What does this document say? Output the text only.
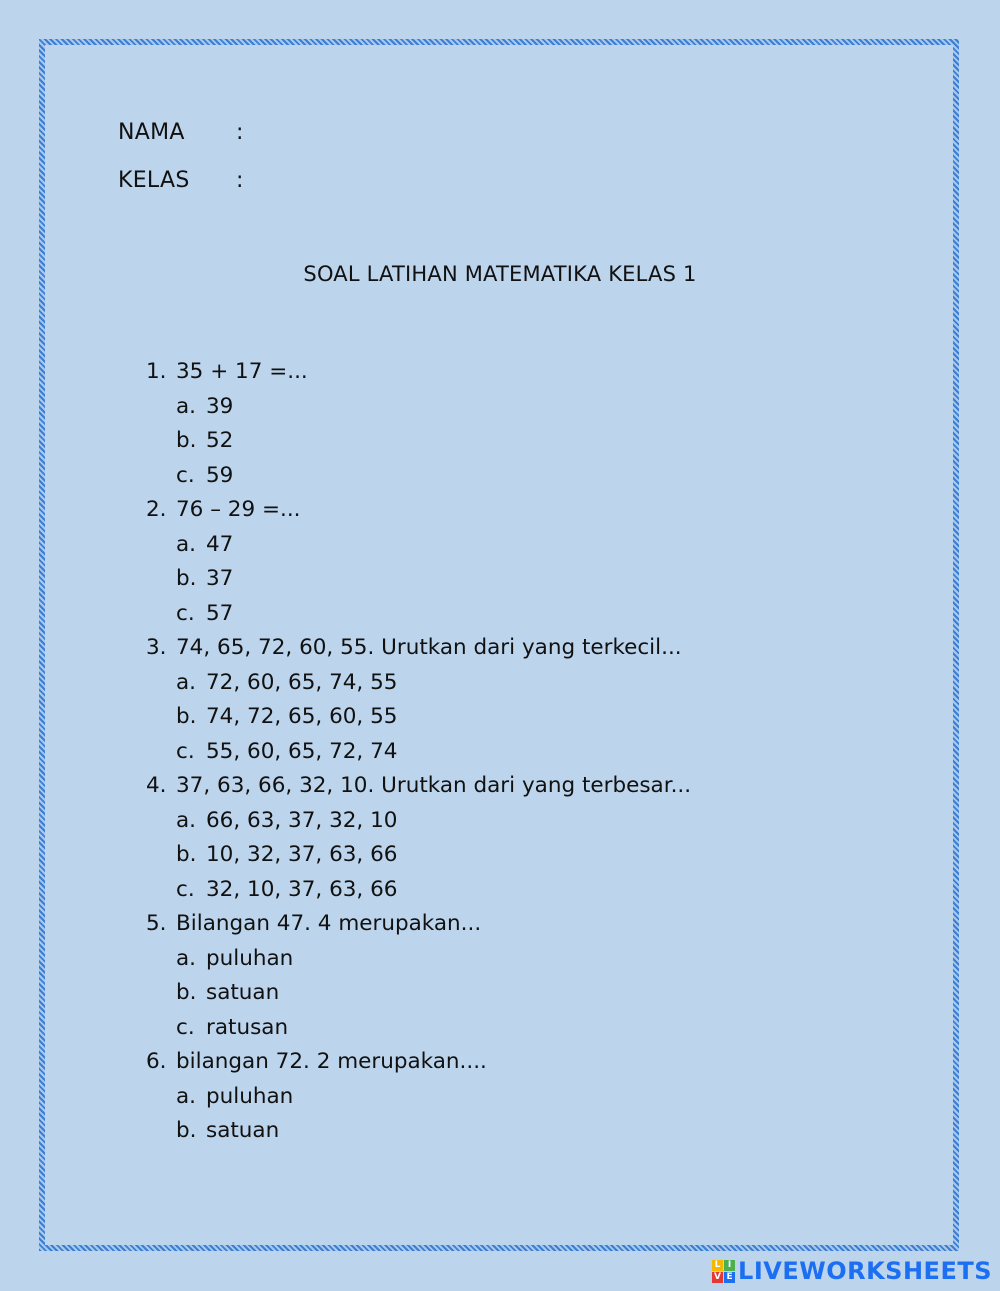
NAMA :
KELAS :
SOAL LATIHAN MATEMATIKA KELAS 1
1. 35 + 17 =...
a. 39
b. 52
c. 59
2. 76 – 29 =...
a. 47
b. 37
c. 57
3. 74, 65, 72, 60, 55. Urutkan dari yang terkecil...
a. 72, 60, 65, 74, 55
b. 74, 72, 65, 60, 55
c. 55, 60, 65, 72, 74
4. 37, 63, 66, 32, 10. Urutkan dari yang terbesar...
a. 66, 63, 37, 32, 10
b. 10, 32, 37, 63, 66
c. 32, 10, 37, 63, 66
5. Bilangan 47. 4 merupakan...
a. puluhan
b. satuan
c. ratusan
6. bilangan 72. 2 merupakan....
a. puluhan
b. satuan
L I
V E LIVEWORKSHEETS
